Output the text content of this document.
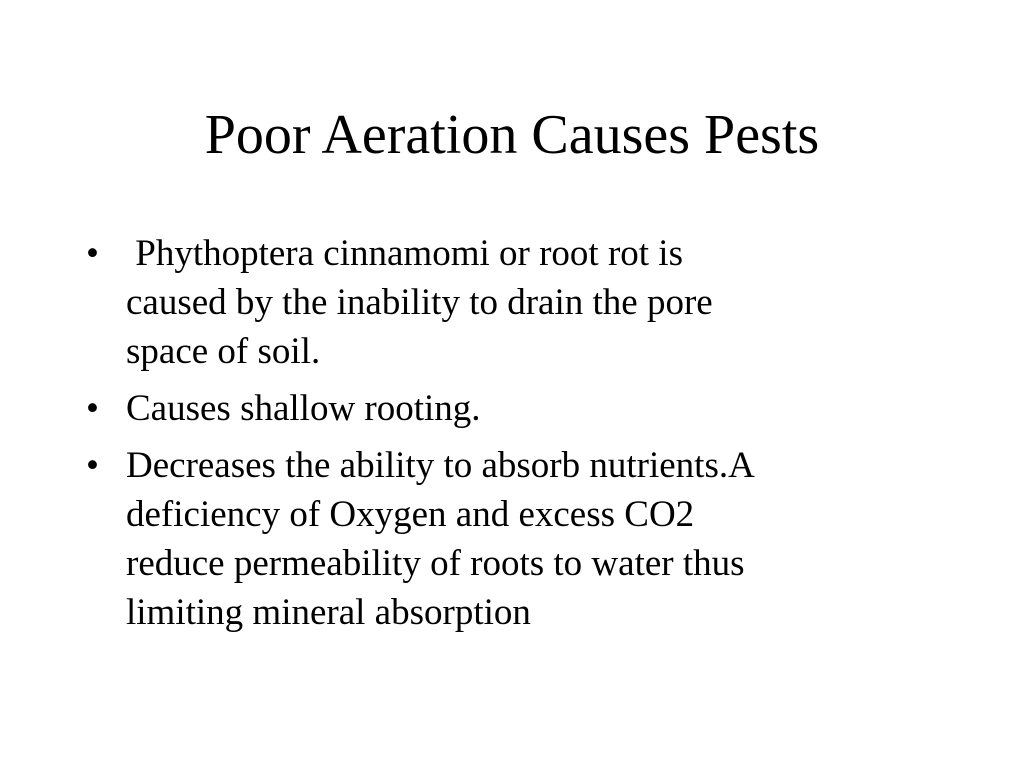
Poor Aeration Causes Pests
• Phythoptera cinnamomi or root rot is
caused by the inability to drain the pore
space of soil.
• Causes shallow rooting.
• Decreases the ability to absorb nutrients.A
deficiency of Oxygen and excess CO2
reduce permeability of roots to water thus
limiting mineral absorption
